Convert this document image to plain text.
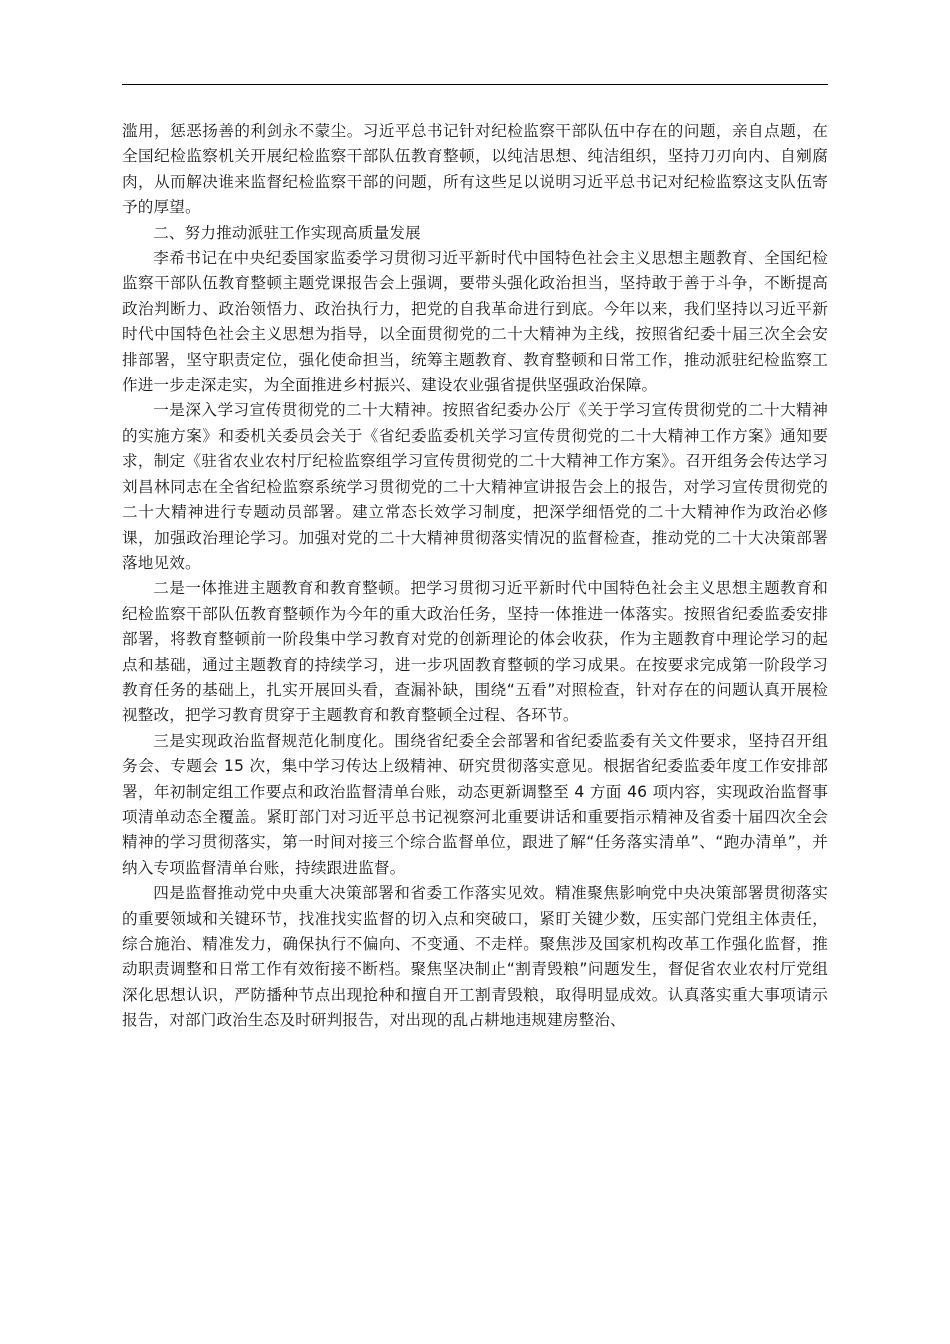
滥用，惩恶扬善的利剑永不蒙尘。习近平总书记针对纪检监察干部队伍中存在的问题，亲自点题，在全国纪检监察机关开展纪检监察干部队伍教育整顿，以纯洁思想、纯洁组织，坚持刀刃向内、自剜腐肉，从而解决谁来监督纪检监察干部的问题，所有这些足以说明习近平总书记对纪检监察这支队伍寄予的厚望。

二、努力推动派驻工作实现高质量发展

李希书记在中央纪委国家监委学习贯彻习近平新时代中国特色社会主义思想主题教育、全国纪检监察干部队伍教育整顿主题党课报告会上强调，要带头强化政治担当，坚持敢于善于斗争，不断提高政治判断力、政治领悟力、政治执行力，把党的自我革命进行到底。今年以来，我们坚持以习近平新时代中国特色社会主义思想为指导，以全面贯彻党的二十大精神为主线，按照省纪委十届三次全会安排部署，坚守职责定位，强化使命担当，统筹主题教育、教育整顿和日常工作，推动派驻纪检监察工作进一步走深走实，为全面推进乡村振兴、建设农业强省提供坚强政治保障。

一是深入学习宣传贯彻党的二十大精神。按照省纪委办公厅《关于学习宣传贯彻党的二十大精神的实施方案》和委机关委员会关于《省纪委监委机关学习宣传贯彻党的二十大精神工作方案》通知要求，制定《驻省农业农村厅纪检监察组学习宣传贯彻党的二十大精神工作方案》。召开组务会传达学习刘昌林同志在全省纪检监察系统学习贯彻党的二十大精神宣讲报告会上的报告，对学习宣传贯彻党的二十大精神进行专题动员部署。建立常态长效学习制度，把深学细悟党的二十大精神作为政治必修课，加强政治理论学习。加强对党的二十大精神贯彻落实情况的监督检查，推动党的二十大决策部署落地见效。

二是一体推进主题教育和教育整顿。把学习贯彻习近平新时代中国特色社会主义思想主题教育和纪检监察干部队伍教育整顿作为今年的重大政治任务，坚持一体推进一体落实。按照省纪委监委安排部署，将教育整顿前一阶段集中学习教育对党的创新理论的体会收获，作为主题教育中理论学习的起点和基础，通过主题教育的持续学习，进一步巩固教育整顿的学习成果。在按要求完成第一阶段学习教育任务的基础上，扎实开展回头看，查漏补缺，围绕“五看”对照检查，针对存在的问题认真开展检视整改，把学习教育贯穿于主题教育和教育整顿全过程、各环节。

三是实现政治监督规范化制度化。围绕省纪委全会部署和省纪委监委有关文件要求，坚持召开组务会、专题会 15 次，集中学习传达上级精神、研究贯彻落实意见。根据省纪委监委年度工作安排部署，年初制定组工作要点和政治监督清单台账，动态更新调整至 4 方面 46 项内容，实现政治监督事项清单动态全覆盖。紧盯部门对习近平总书记视察河北重要讲话和重要指示精神及省委十届四次全会精神的学习贯彻落实，第一时间对接三个综合监督单位，跟进了解“任务落实清单”、“跑办清单”，并纳入专项监督清单台账，持续跟进监督。

四是监督推动党中央重大决策部署和省委工作落实见效。精准聚焦影响党中央决策部署贯彻落实的重要领域和关键环节，找准找实监督的切入点和突破口，紧盯关键少数，压实部门党组主体责任，综合施治、精准发力，确保执行不偏向、不变通、不走样。聚焦涉及国家机构改革工作强化监督，推动职责调整和日常工作有效衔接不断档。聚焦坚决制止“割青毁粮”问题发生，督促省农业农村厅党组深化思想认识，严防播种节点出现抢种和擅自开工割青毁粮，取得明显成效。认真落实重大事项请示报告，对部门政治生态及时研判报告，对出现的乱占耕地违规建房整治、
